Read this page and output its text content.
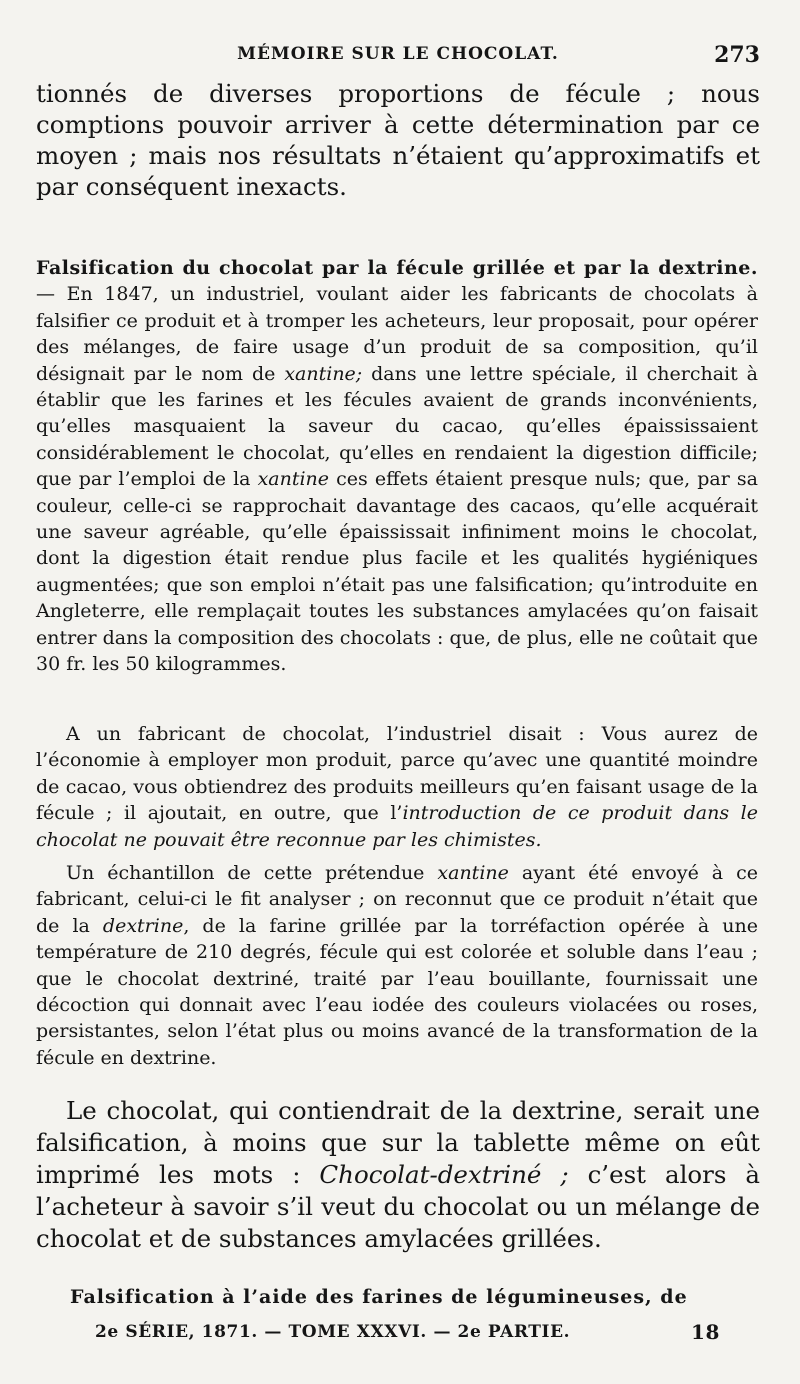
MÉMOIRE SUR LE CHOCOLAT.	273

tionnés de diverses proportions de fécule ; nous comptions pouvoir arriver à cette détermination par ce moyen ; mais nos résultats n’étaient qu’approximatifs et par conséquent inexacts.

Falsification du chocolat par la fécule grillée et par la dextrine. — En 1847, un industriel, voulant aider les fabricants de chocolats à falsifier ce produit et à tromper les acheteurs, leur proposait, pour opérer des mélanges, de faire usage d’un produit de sa composition, qu’il désignait par le nom de xantine; dans une lettre spéciale, il cherchait à établir que les farines et les fécules avaient de grands inconvénients, qu’elles masquaient la saveur du cacao, qu’elles épaississaient considérablement le chocolat, qu’elles en rendaient la digestion difficile; que par l’emploi de la xantine ces effets étaient presque nuls; que, par sa couleur, celle-ci se rapprochait davantage des cacaos, qu’elle acquérait une saveur agréable, qu’elle épaississait infiniment moins le chocolat, dont la digestion était rendue plus facile et les qualités hygiéniques augmentées; que son emploi n’était pas une falsification; qu’introduite en Angleterre, elle remplaçait toutes les substances amylacées qu’on faisait entrer dans la composition des chocolats : que, de plus, elle ne coûtait que 30 fr. les 50 kilogrammes.

A un fabricant de chocolat, l’industriel disait : Vous aurez de l’économie à employer mon produit, parce qu’avec une quantité moindre de cacao, vous obtiendrez des produits meilleurs qu’en faisant usage de la fécule ; il ajoutait, en outre, que l’introduction de ce produit dans le chocolat ne pouvait être reconnue par les chimistes.

Un échantillon de cette prétendue xantine ayant été envoyé à ce fabricant, celui-ci le fit analyser ; on reconnut que ce produit n’était que de la dextrine, de la farine grillée par la torréfaction opérée à une température de 210 degrés, fécule qui est colorée et soluble dans l’eau ; que le chocolat dextriné, traité par l’eau bouillante, fournissait une décoction qui donnait avec l’eau iodée des couleurs violacées ou roses, persistantes, selon l’état plus ou moins avancé de la transformation de la fécule en dextrine.

Le chocolat, qui contiendrait de la dextrine, serait une falsification, à moins que sur la tablette même on eût imprimé les mots : Chocolat-dextriné ; c’est alors à l’acheteur à savoir s’il veut du chocolat ou un mélange de chocolat et de substances amylacées grillées.

Falsification à l’aide des farines de légumineuses, de
2e SÉRIE, 1871. — TOME XXXVI. — 2e PARTIE.	18
